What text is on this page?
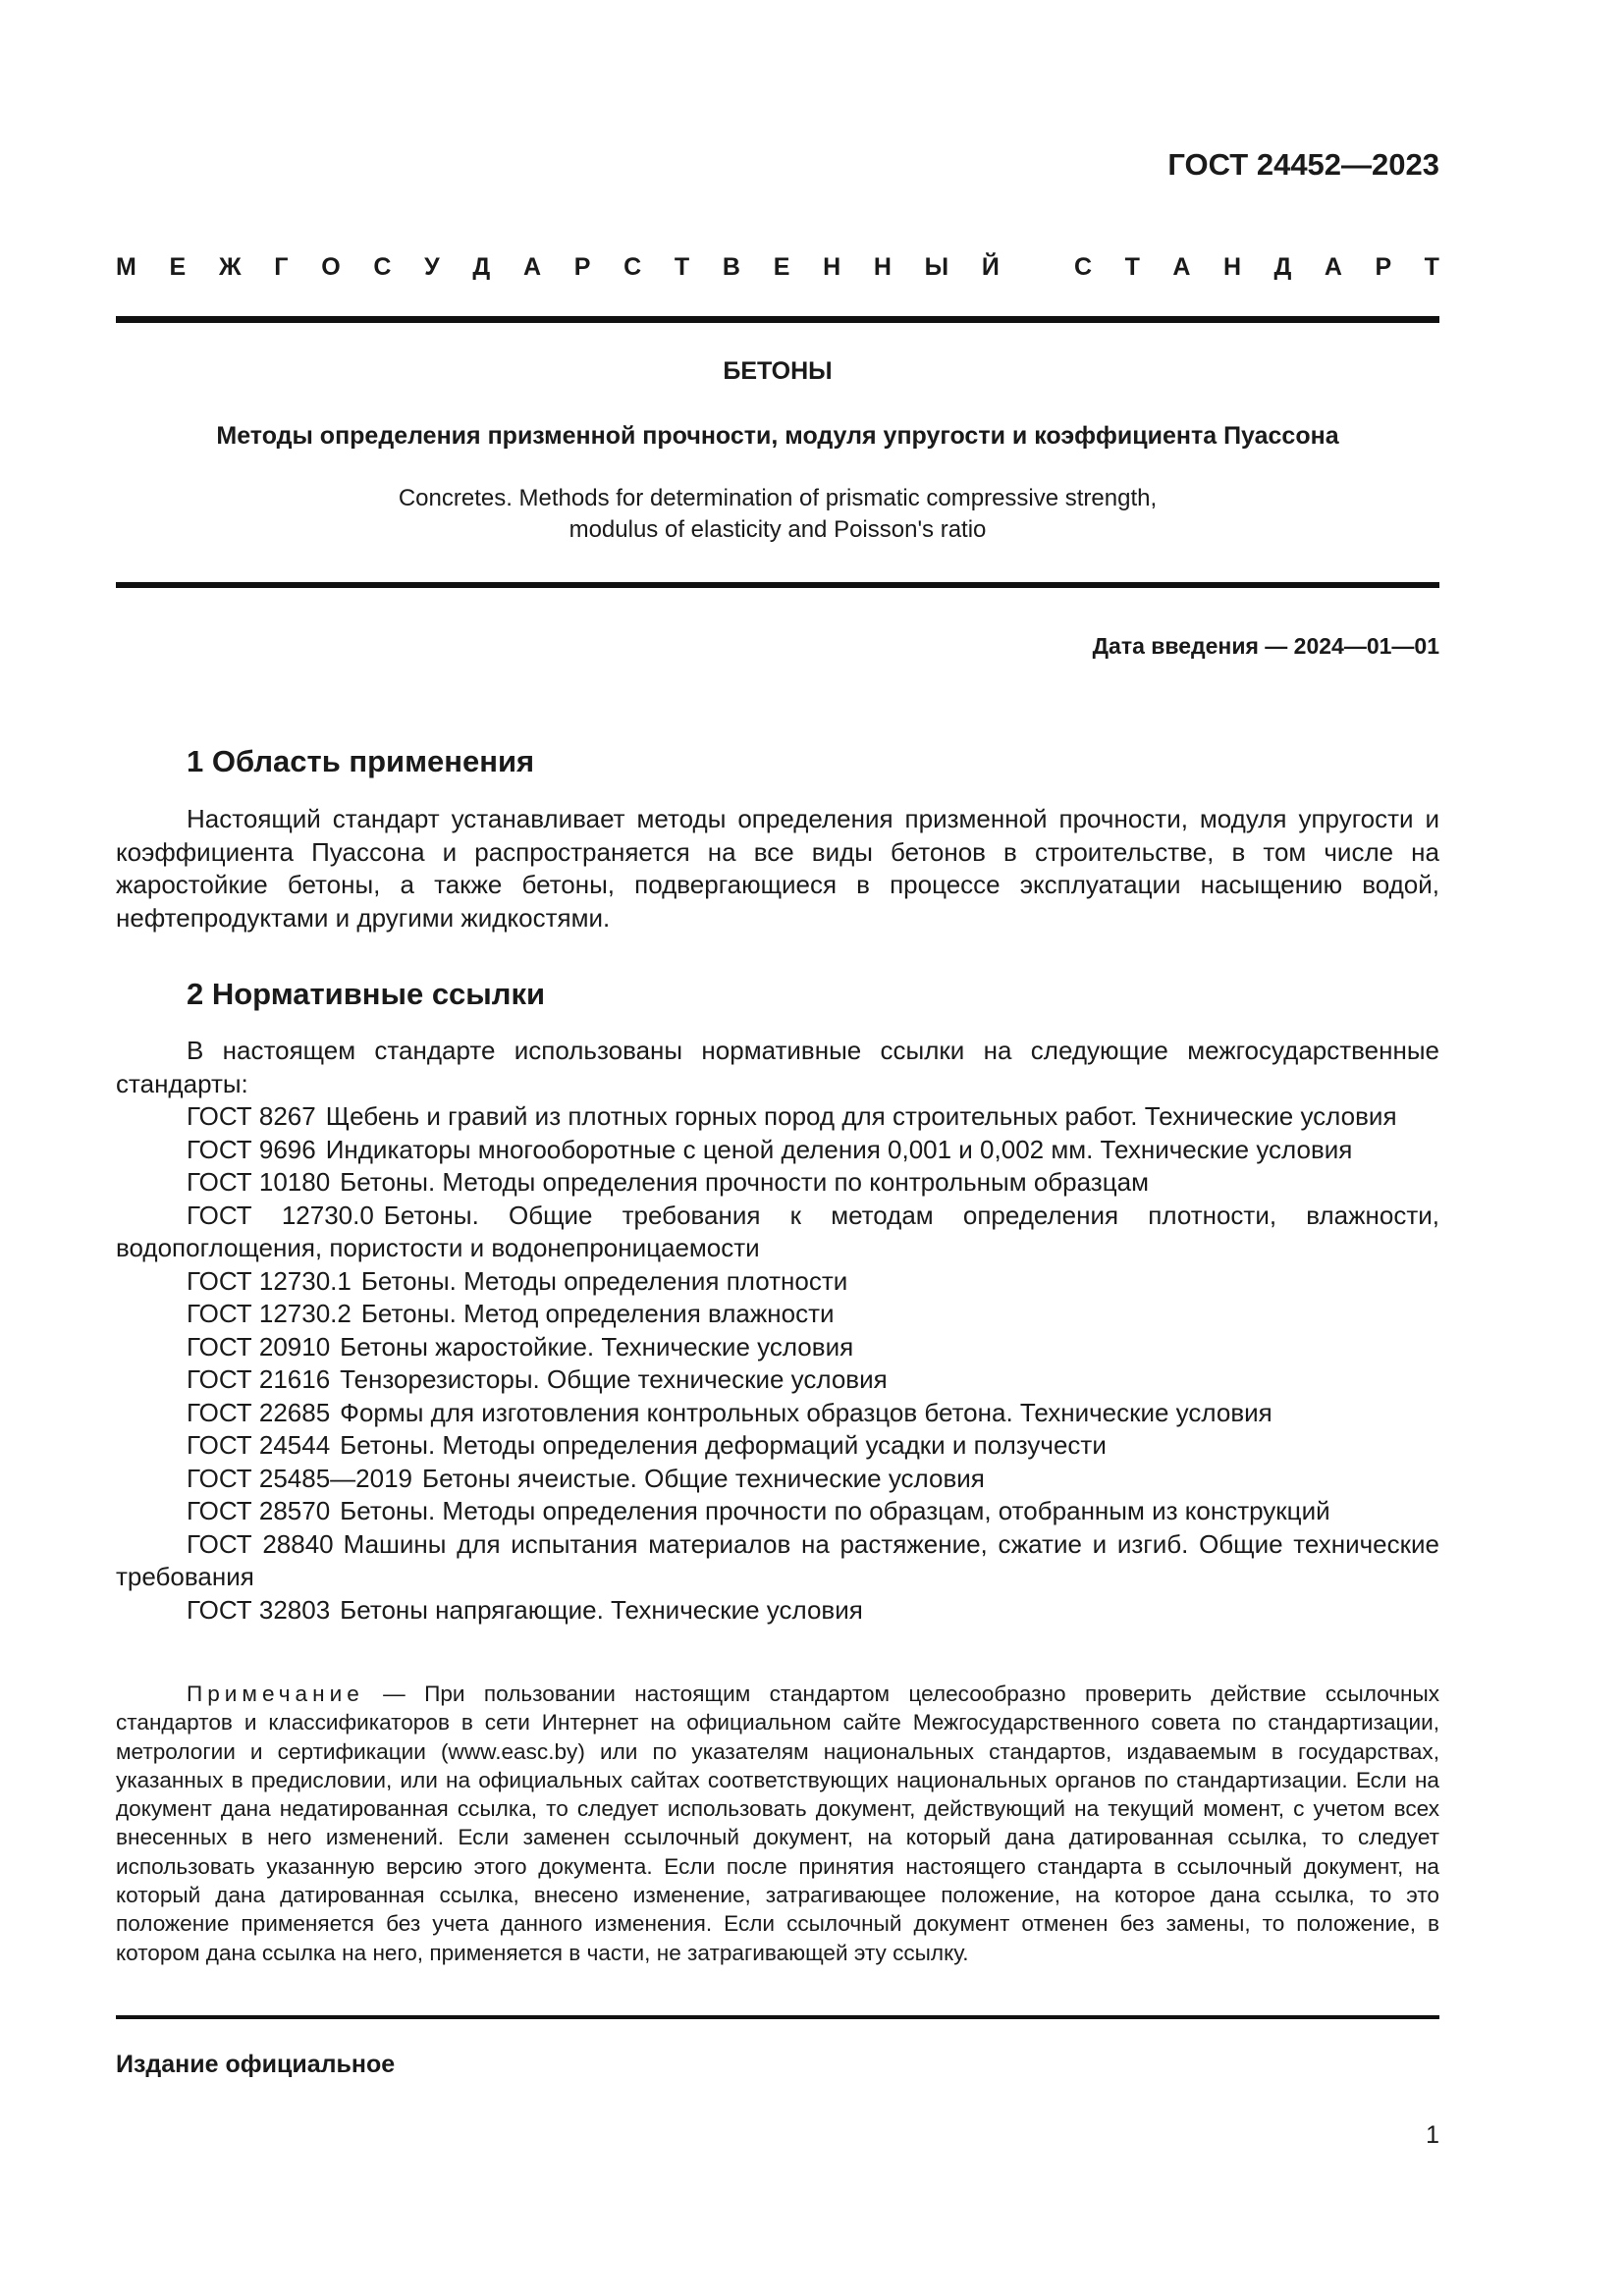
ГОСТ 24452—2023
М Е Ж Г О С У Д А Р С Т В Е Н Н Ы Й	С Т А Н Д А Р Т
БЕТОНЫ
Методы определения призменной прочности, модуля упругости и коэффициента Пуассона
Concretes. Methods for determination of prismatic compressive strength,
modulus of elasticity and Poisson's ratio
Дата введения — 2024—01—01
1 Область применения
Настоящий стандарт устанавливает методы определения призменной прочности, модуля упругости и коэффициента Пуассона и распространяется на все виды бетонов в строительстве, в том числе на жаростойкие бетоны, а также бетоны, подвергающиеся в процессе эксплуатации насыщению водой, нефтепродуктами и другими жидкостями.
2 Нормативные ссылки
В настоящем стандарте использованы нормативные ссылки на следующие межгосударственные стандарты:
ГОСТ 8267 Щебень и гравий из плотных горных пород для строительных работ. Технические условия
ГОСТ 9696 Индикаторы многооборотные с ценой деления 0,001 и 0,002 мм. Технические условия
ГОСТ 10180 Бетоны. Методы определения прочности по контрольным образцам
ГОСТ 12730.0 Бетоны. Общие требования к методам определения плотности, влажности, водопоглощения, пористости и водонепроницаемости
ГОСТ 12730.1 Бетоны. Методы определения плотности
ГОСТ 12730.2 Бетоны. Метод определения влажности
ГОСТ 20910 Бетоны жаростойкие. Технические условия
ГОСТ 21616 Тензорезисторы. Общие технические условия
ГОСТ 22685 Формы для изготовления контрольных образцов бетона. Технические условия
ГОСТ 24544 Бетоны. Методы определения деформаций усадки и ползучести
ГОСТ 25485—2019 Бетоны ячеистые. Общие технические условия
ГОСТ 28570 Бетоны. Методы определения прочности по образцам, отобранным из конструкций
ГОСТ 28840 Машины для испытания материалов на растяжение, сжатие и изгиб. Общие технические требования
ГОСТ 32803 Бетоны напрягающие. Технические условия
Примечание — При пользовании настоящим стандартом целесообразно проверить действие ссылочных стандартов и классификаторов в сети Интернет на официальном сайте Межгосударственного совета по стандартизации, метрологии и сертификации (www.easc.by) или по указателям национальных стандартов, издаваемым в государствах, указанных в предисловии, или на официальных сайтах соответствующих национальных органов по стандартизации. Если на документ дана недатированная ссылка, то следует использовать документ, действующий на текущий момент, с учетом всех внесенных в него изменений. Если заменен ссылочный документ, на который дана датированная ссылка, то следует использовать указанную версию этого документа. Если после принятия настоящего стандарта в ссылочный документ, на который дана датированная ссылка, внесено изменение, затрагивающее положение, на которое дана ссылка, то это положение применяется без учета данного изменения. Если ссылочный документ отменен без замены, то положение, в котором дана ссылка на него, применяется в части, не затрагивающей эту ссылку.
Издание официальное
1
